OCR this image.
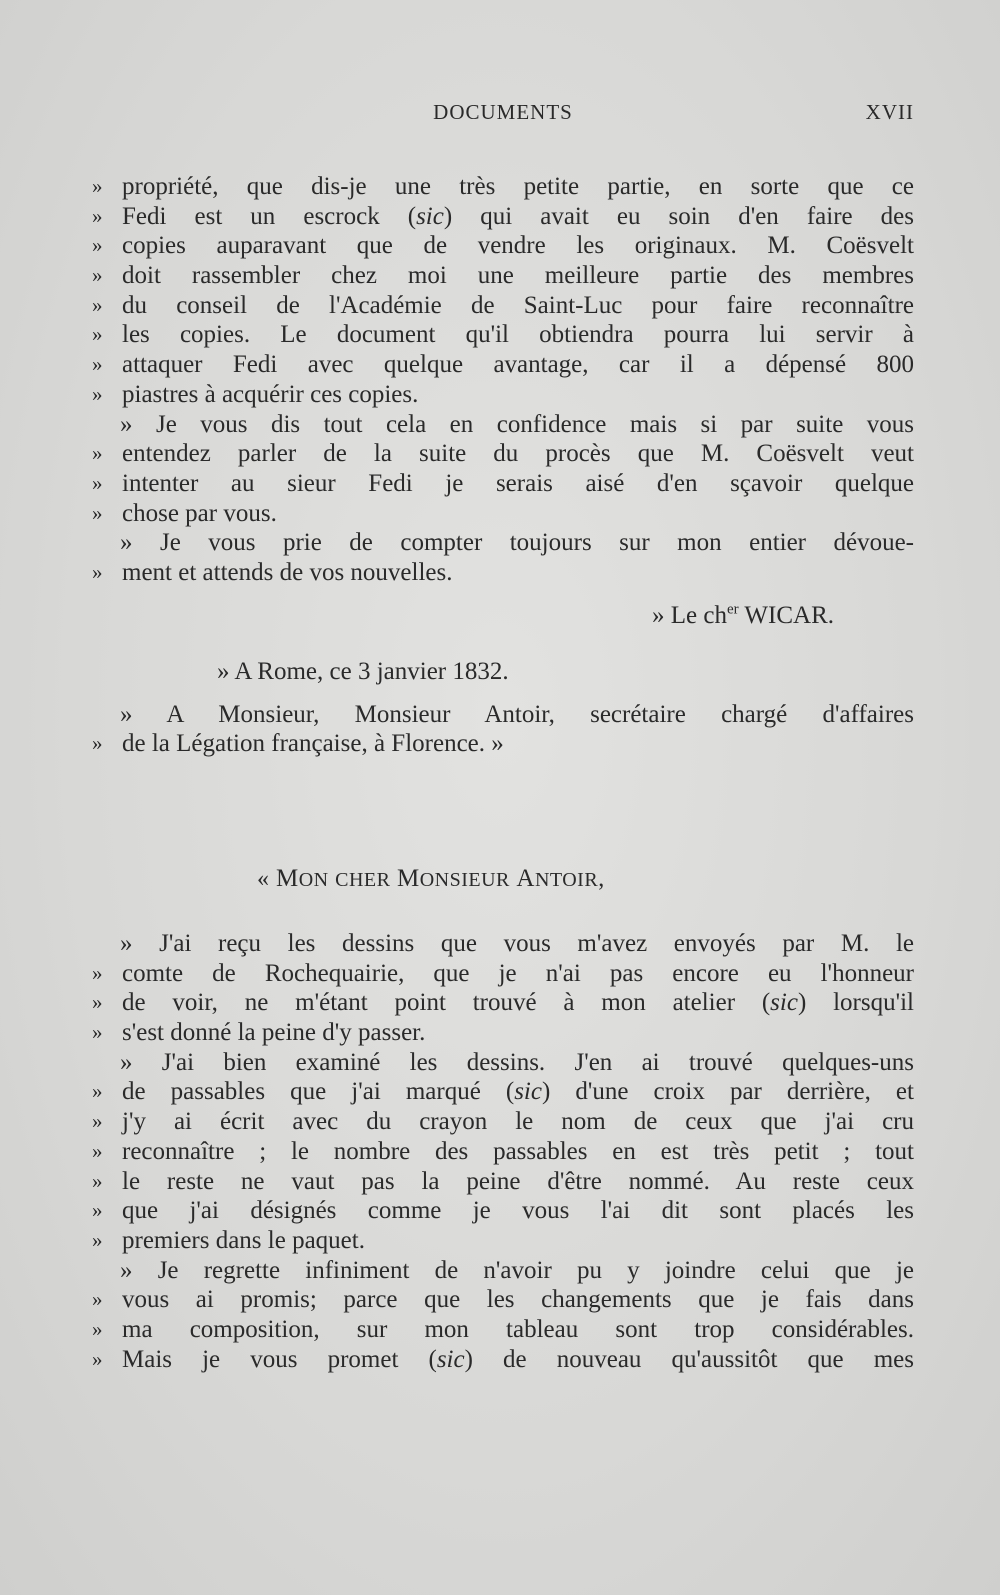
DOCUMENTS	XVII
» propriété, que dis-je une très petite partie, en sorte que ce
» Fedi est un escrock (sic) qui avait eu soin d'en faire des
» copies auparavant que de vendre les originaux. M. Coësvelt
» doit rassembler chez moi une meilleure partie des membres
» du conseil de l'Académie de Saint-Luc pour faire reconnaître
» les copies. Le document qu'il obtiendra pourra lui servir à
» attaquer Fedi avec quelque avantage, car il a dépensé 800
» piastres à acquérir ces copies.
» Je vous dis tout cela en confidence mais si par suite vous
» entendez parler de la suite du procès que M. Coësvelt veut
» intenter au sieur Fedi je serais aisé d'en sçavoir quelque
» chose par vous.
» Je vous prie de compter toujours sur mon entier dévoue-
» ment et attends de vos nouvelles.
» Le $ch^{er}$ WICAR.
» A Rome, ce 3 janvier 1832.
» A Monsieur, Monsieur Antoir, secrétaire chargé d'affaires
» de la Légation française, à Florence. »
« MON CHER MONSIEUR ANTOIR,
» J'ai reçu les dessins que vous m'avez envoyés par M. le
» comte de Rochequairie, que je n'ai pas encore eu l'honneur
» de voir, ne m'étant point trouvé à mon atelier (sic) lorsqu'il
» s'est donné la peine d'y passer.
» J'ai bien examiné les dessins. J'en ai trouvé quelques-uns
» de passables que j'ai marqué (sic) d'une croix par derrière, et
» j'y ai écrit avec du crayon le nom de ceux que j'ai cru
» reconnaître ; le nombre des passables en est très petit ; tout
» le reste ne vaut pas la peine d'être nommé. Au reste ceux
» que j'ai désignés comme je vous l'ai dit sont placés les
» premiers dans le paquet.
» Je regrette infiniment de n'avoir pu y joindre celui que je
» vous ai promis; parce que les changements que je fais dans
» ma composition, sur mon tableau sont trop considérables.
» Mais je vous promet (sic) de nouveau qu'aussitôt que mes
